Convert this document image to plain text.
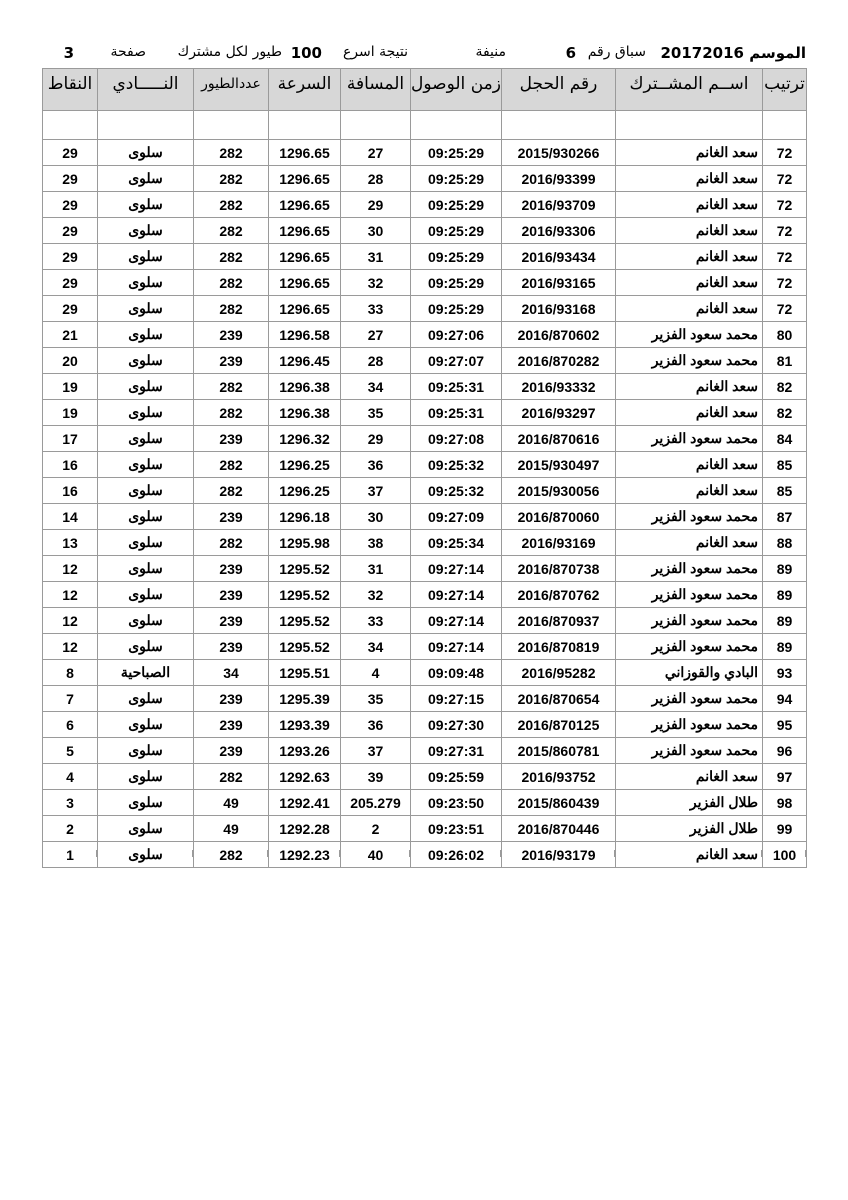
الموسم
20172016
سباق رقم
6
منيفة
نتيجة اسرع
100
طيور لكل مشترك
صفحة
3
ترتيب	اســم المشــترك	رقم الحجل	زمن الوصول	المسافة	السرعة	عددالطيور	النـــــادي	النقاط

72	سعد الغانم	2015/930266	09:25:29	27	1296.65	282	سلوى	29
72	سعد الغانم	2016/93399	09:25:29	28	1296.65	282	سلوى	29
72	سعد الغانم	2016/93709	09:25:29	29	1296.65	282	سلوى	29
72	سعد الغانم	2016/93306	09:25:29	30	1296.65	282	سلوى	29
72	سعد الغانم	2016/93434	09:25:29	31	1296.65	282	سلوى	29
72	سعد الغانم	2016/93165	09:25:29	32	1296.65	282	سلوى	29
72	سعد الغانم	2016/93168	09:25:29	33	1296.65	282	سلوى	29
80	محمد سعود الفزير	2016/870602	09:27:06	27	1296.58	239	سلوى	21
81	محمد سعود الفزير	2016/870282	09:27:07	28	1296.45	239	سلوى	20
82	سعد الغانم	2016/93332	09:25:31	34	1296.38	282	سلوى	19
82	سعد الغانم	2016/93297	09:25:31	35	1296.38	282	سلوى	19
84	محمد سعود الفزير	2016/870616	09:27:08	29	1296.32	239	سلوى	17
85	سعد الغانم	2015/930497	09:25:32	36	1296.25	282	سلوى	16
85	سعد الغانم	2015/930056	09:25:32	37	1296.25	282	سلوى	16
87	محمد سعود الفزير	2016/870060	09:27:09	30	1296.18	239	سلوى	14
88	سعد الغانم	2016/93169	09:25:34	38	1295.98	282	سلوى	13
89	محمد سعود الفزير	2016/870738	09:27:14	31	1295.52	239	سلوى	12
89	محمد سعود الفزير	2016/870762	09:27:14	32	1295.52	239	سلوى	12
89	محمد سعود الفزير	2016/870937	09:27:14	33	1295.52	239	سلوى	12
89	محمد سعود الفزير	2016/870819	09:27:14	34	1295.52	239	سلوى	12
93	البادي والقوزاني	2016/95282	09:09:48	4	1295.51	34	الصباحية	8
94	محمد سعود الفزير	2016/870654	09:27:15	35	1295.39	239	سلوى	7
95	محمد سعود الفزير	2016/870125	09:27:30	36	1293.39	239	سلوى	6
96	محمد سعود الفزير	2015/860781	09:27:31	37	1293.26	239	سلوى	5
97	سعد الغانم	2016/93752	09:25:59	39	1292.63	282	سلوى	4
98	طلال الفزير	2015/860439	09:23:50	205.279	1292.41	49	سلوى	3
99	طلال الفزير	2016/870446	09:23:51	2	1292.28	49	سلوى	2
100	سعد الغانم	2016/93179	09:26:02	40	1292.23	282	سلوى	1
